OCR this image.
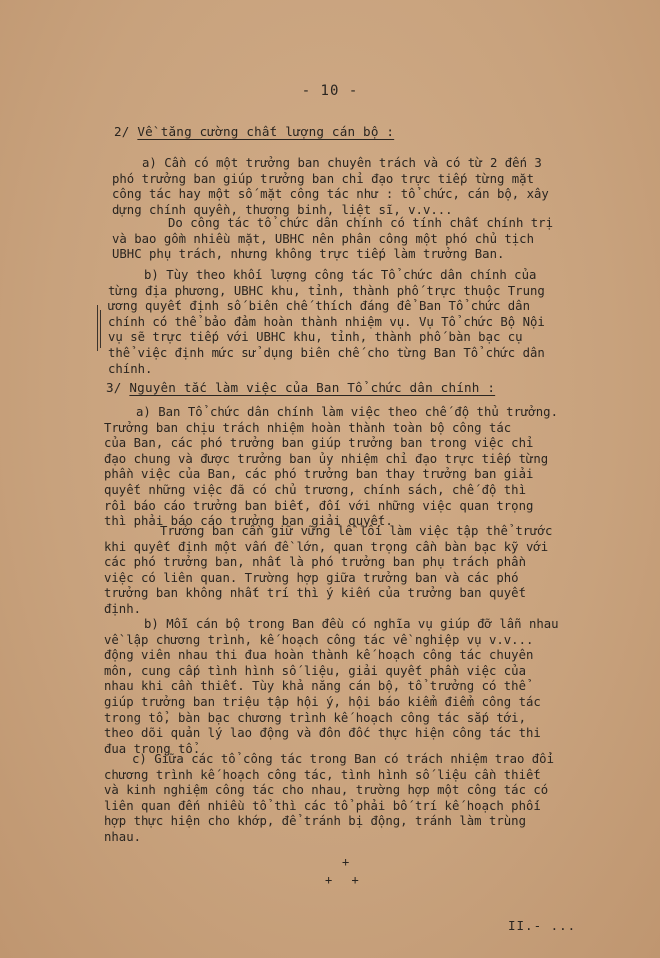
- 10 -
2/ Về tăng cường chất lượng cán bộ :
a) Cần có một trưởng ban chuyên trách và có từ 2 đến 3
phó trưởng ban giúp trưởng ban chỉ đạo trực tiếp từng mặt
công tác hay một số mặt công tác như : tổ chức, cán bộ, xây
dựng chính quyền, thương binh, liệt sĩ, v.v...
Do công tác tổ chức dân chính có tính chất chính trị
và bao gồm nhiều mặt, UBHC nên phân công một phó chủ tịch
UBHC phụ trách, nhưng không trực tiếp làm trưởng Ban.
b) Tùy theo khối lượng công tác Tổ chức dân chính của
từng địa phương, UBHC khu, tỉnh, thành phố trực thuộc Trung
ương quyết định số biên chế thích đáng để Ban Tổ chức dân
chính có thể bảo đảm hoàn thành nhiệm vụ. Vụ Tổ chức Bộ Nội
vụ sẽ trực tiếp với UBHC khu, tỉnh, thành phố bàn bạc cụ
thể việc định mức sử dụng biên chế cho từng Ban Tổ chức dân
chính.
3/ Nguyên tắc làm việc của Ban Tổ chức dân chính :
a) Ban Tổ chức dân chính làm việc theo chế độ thủ trưởng.
Trưởng ban chịu trách nhiệm hoàn thành toàn bộ công tác
của Ban, các phó trưởng ban giúp trưởng ban trong việc chỉ
đạo chung và được trưởng ban ủy nhiệm chỉ đạo trực tiếp từng
phần việc của Ban, các phó trưởng ban thay trưởng ban giải
quyết những việc đã có chủ trương, chính sách, chế độ thì
rồi báo cáo trưởng ban biết, đối với những việc quan trọng
thì phải báo cáo trưởng ban giải quyết.
Trưởng ban cần giữ vững lề lối làm việc tập thể trước
khi quyết định một vấn đề lớn, quan trọng cần bàn bạc kỹ với
các phó trưởng ban, nhất là phó trưởng ban phụ trách phần
việc có liên quan. Trường hợp giữa trưởng ban và các phó
trưởng ban không nhất trí thì ý kiến của trưởng ban quyết
định.
b) Mỗi cán bộ trong Ban đều có nghĩa vụ giúp đỡ lẫn nhau
về lập chương trình, kế hoạch công tác về nghiệp vụ v.v...
động viên nhau thi đua hoàn thành kế hoạch công tác chuyên
môn, cung cấp tình hình số liệu, giải quyết phần việc của
nhau khi cần thiết. Tùy khả năng cán bộ, tổ trưởng có thể
giúp trưởng ban triệu tập hội ý, hội báo kiểm điểm công tác
trong tổ, bàn bạc chương trình kế hoạch công tác sắp tới,
theo dõi quản lý lao động và đôn đốc thực hiện công tác thi
đua trong tổ.
c) Giữa các tổ công tác trong Ban có trách nhiệm trao đổi
chương trình kế hoạch công tác, tình hình số liệu cần thiết
và kinh nghiệm công tác cho nhau, trường hợp một công tác có
liên quan đến nhiều tổ thì các tổ phải bố trí kế hoạch phối
hợp thực hiện cho khớp, để tránh bị động, tránh làm trùng
nhau.
+
+ +
II.- ...
